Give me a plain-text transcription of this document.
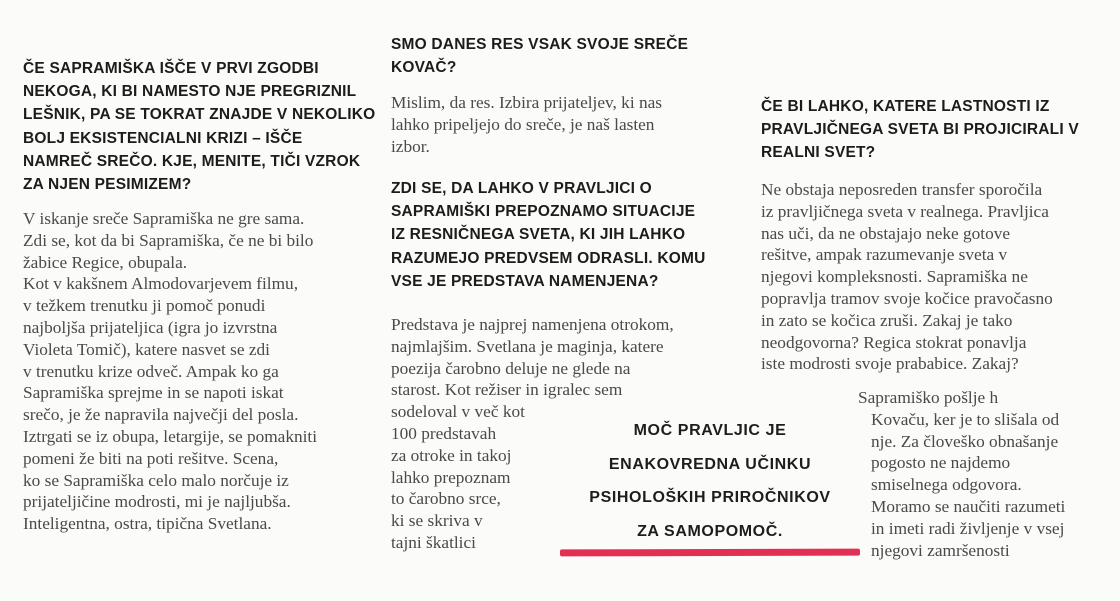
ČE SAPRAMIŠKA IŠČE V PRVI ZGODBI
NEKOGA, KI BI NAMESTO NJE PREGRIZNIL
LEŠNIK, PA SE TOKRAT ZNAJDE V NEKOLIKO
BOLJ EKSISTENCIALNI KRIZI – IŠČE
NAMREČ SREČO. KJE, MENITE, TIČI VZROK
ZA NJEN PESIMIZEM?

V iskanje sreče Sapramiška ne gre sama.
Zdi se, kot da bi Sapramiška, če ne bi bilo
žabice Regice, obupala.
Kot v kakšnem Almodovarjevem filmu,
v težkem trenutku ji pomoč ponudi
najboljša prijateljica (igra jo izvrstna
Violeta Tomič), katere nasvet se zdi
v trenutku krize odveč. Ampak ko ga
Sapramiška sprejme in se napoti iskat
srečo, je že napravila največji del posla.
Iztrgati se iz obupa, letargije, se pomakniti
pomeni že biti na poti rešitve. Scena,
ko se Sapramiška celo malo norčuje iz
prijateljičine modrosti, mi je najljubša.
Inteligentna, ostra, tipična Svetlana.

SMO DANES RES VSAK SVOJE SREČE
KOVAČ?

Mislim, da res. Izbira prijateljev, ki nas
lahko pripeljejo do sreče, je naš lasten
izbor.

ZDI SE, DA LAHKO V PRAVLJICI O
SAPRAMIŠKI PREPOZNAMO SITUACIJE
IZ RESNIČNEGA SVETA, KI JIH LAHKO
RAZUMEJO PREDVSEM ODRASLI. KOMU
VSE JE PREDSTAVA NAMENJENA?

Predstava je najprej namenjena otrokom,
najmlajšim. Svetlana je maginja, katere
poezija čarobno deluje ne glede na
starost. Kot režiser in igralec sem
sodeloval v več kot
100 predstavah
za otroke in takoj
lahko prepoznam
to čarobno srce,
ki se skriva v
tajni škatlici

MOČ PRAVLJIC JE
ENAKOVREDNA UČINKU
PSIHOLOŠKIH PRIROČNIKOV
ZA SAMOPOMOČ.
ČE BI LAHKO, KATERE LASTNOSTI IZ
PRAVLJIČNEGA SVETA BI PROJICIRALI V
REALNI SVET?

Ne obstaja neposreden transfer sporočila
iz pravljičnega sveta v realnega. Pravljica
nas uči, da ne obstajajo neke gotove
rešitve, ampak razumevanje sveta v
njegovi kompleksnosti. Sapramiška ne
popravlja tramov svoje kočice pravočasno
in zato se kočica zruši. Zakaj je tako
neodgovorna? Regica stokrat ponavlja
iste modrosti svoje prababice. Zakaj?

Sapramiško pošlje h
Kovaču, ker je to slišala od
nje. Za človeško obnašanje
pogosto ne najdemo
smiselnega odgovora.
Moramo se naučiti razumeti
in imeti radi življenje v vsej
njegovi zamršenosti
